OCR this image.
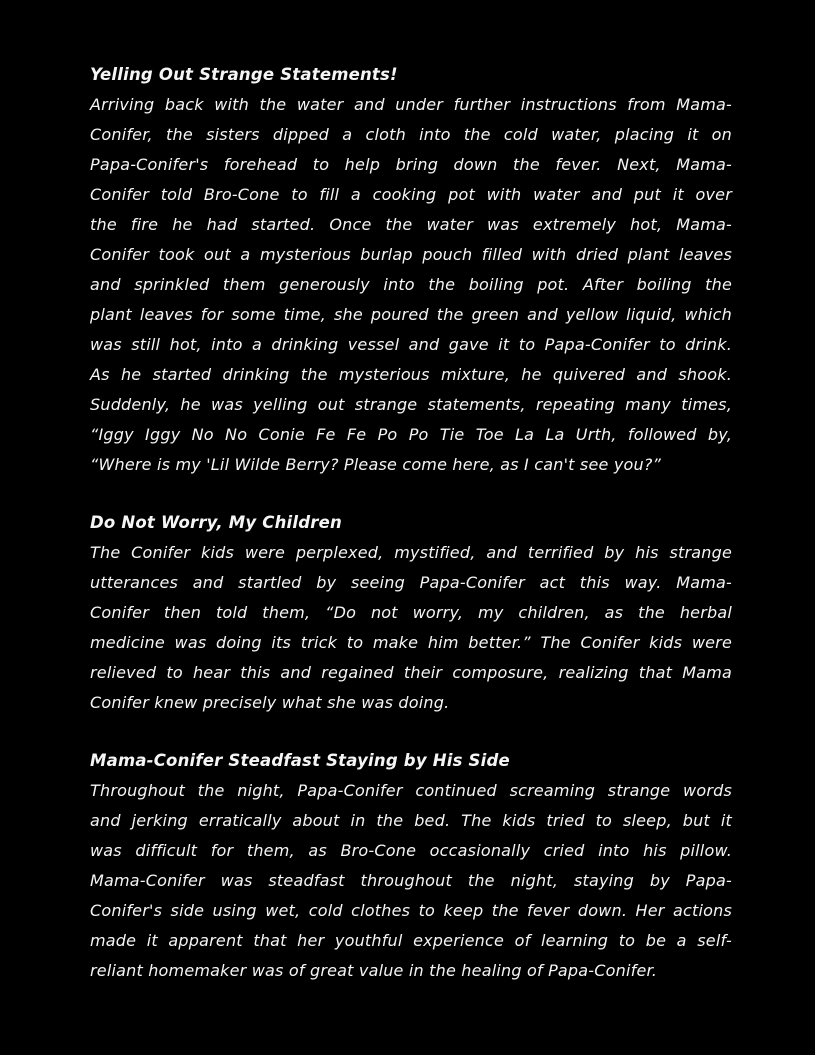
Yelling Out Strange Statements!
Arriving back with the water and under further instructions from Mama-
Conifer, the sisters dipped a cloth into the cold water, placing it on
Papa-Conifer's forehead to help bring down the fever. Next, Mama-
Conifer told Bro-Cone to fill a cooking pot with water and put it over
the fire he had started. Once the water was extremely hot, Mama-
Conifer took out a mysterious burlap pouch filled with dried plant leaves
and sprinkled them generously into the boiling pot. After boiling the
plant leaves for some time, she poured the green and yellow liquid, which
was still hot, into a drinking vessel and gave it to Papa-Conifer to drink.
As he started drinking the mysterious mixture, he quivered and shook.
Suddenly, he was yelling out strange statements, repeating many times,
“Iggy Iggy No No Conie Fe Fe Po Po Tie Toe La La Urth, followed by,
“Where is my 'Lil Wilde Berry? Please come here, as I can't see you?”
Do Not Worry, My Children
The Conifer kids were perplexed, mystified, and terrified by his strange
utterances and startled by seeing Papa-Conifer act this way. Mama-
Conifer then told them, “Do not worry, my children, as the herbal
medicine was doing its trick to make him better.” The Conifer kids were
relieved to hear this and regained their composure, realizing that Mama
Conifer knew precisely what she was doing.
Mama-Conifer Steadfast Staying by His Side
Throughout the night, Papa-Conifer continued screaming strange words
and jerking erratically about in the bed. The kids tried to sleep, but it
was difficult for them, as Bro-Cone occasionally cried into his pillow.
Mama-Conifer was steadfast throughout the night, staying by Papa-
Conifer's side using wet, cold clothes to keep the fever down. Her actions
made it apparent that her youthful experience of learning to be a self-
reliant homemaker was of great value in the healing of Papa-Conifer.
